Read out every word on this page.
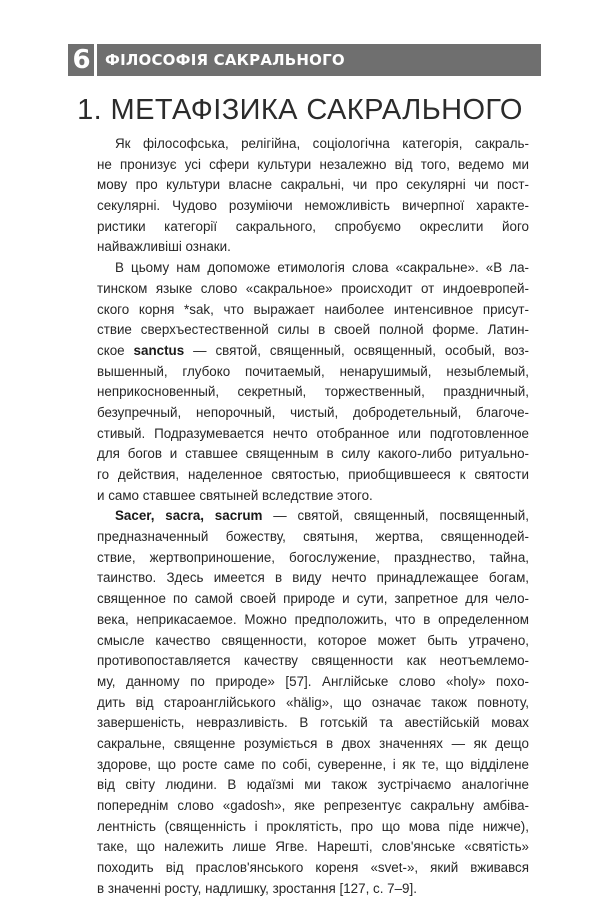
6	ФІЛОСОФІЯ САКРАЛЬНОГО
1. МЕТАФІЗИКА САКРАЛЬНОГО
Як філософська, релігійна, соціологічна категорія, сакраль-
не пронизує усі сфери культури незалежно від того, ведемо ми
мову про культури власне сакральні, чи про секулярні чи пост-
секулярні. Чудово розуміючи неможливість вичерпної характе-
ристики категорії сакрального, спробуємо окреслити його
найважливіші ознаки.
В цьому нам допоможе етимологія слова «сакральне». «В ла-
тинском языке слово «сакральное» происходит от индоевропей-
ского корня *sak, что выражает наиболее интенсивное присут-
ствие сверхъестественной силы в своей полной форме. Латин-
ское sanctus — святой, священный, освященный, особый, воз-
вышенный, глубоко почитаемый, ненарушимый, незыблемый,
неприкосновенный, секретный, торжественный, праздничный,
безупречный, непорочный, чистый, добродетельный, благоче-
стивый. Подразумевается нечто отобранное или подготовленное
для богов и ставшее священным в силу какого-либо ритуально-
го действия, наделенное святостью, приобщившееся к святости
и само ставшее святыней вследствие этого.
Sacer, sacra, sacrum — святой, священный, посвященный,
предназначенный божеству, святыня, жертва, священнодей-
ствие, жертвоприношение, богослужение, празднество, тайна,
таинство. Здесь имеется в виду нечто принадлежащее богам,
священное по самой своей природе и сути, запретное для чело-
века, неприкасаемое. Можно предположить, что в определенном
смысле качество священности, которое может быть утрачено,
противопоставляется качеству священности как неотъемлемо-
му, данному по природе» [57]. Англійське слово «holy» похо-
дить від староанглійського «hälig», що означає також повноту,
завершеність, невразливість. В готській та авестійській мовах
сакральне, священне розуміється в двох значеннях — як дещо
здорове, що росте саме по собі, суверенне, і як те, що відділене
від світу людини. В юдаїзмі ми також зустрічаємо аналогічне
попереднім слово «gadosh», яке репрезентує сакральну амбіва-
лентність (священність і проклятість, про що мова піде нижче),
таке, що належить лише Ягве. Нарешті, слов'янське «святість»
походить від праслов'янського кореня «svet-», який вживався
в значенні росту, надлишку, зростання [127, с. 7–9].
